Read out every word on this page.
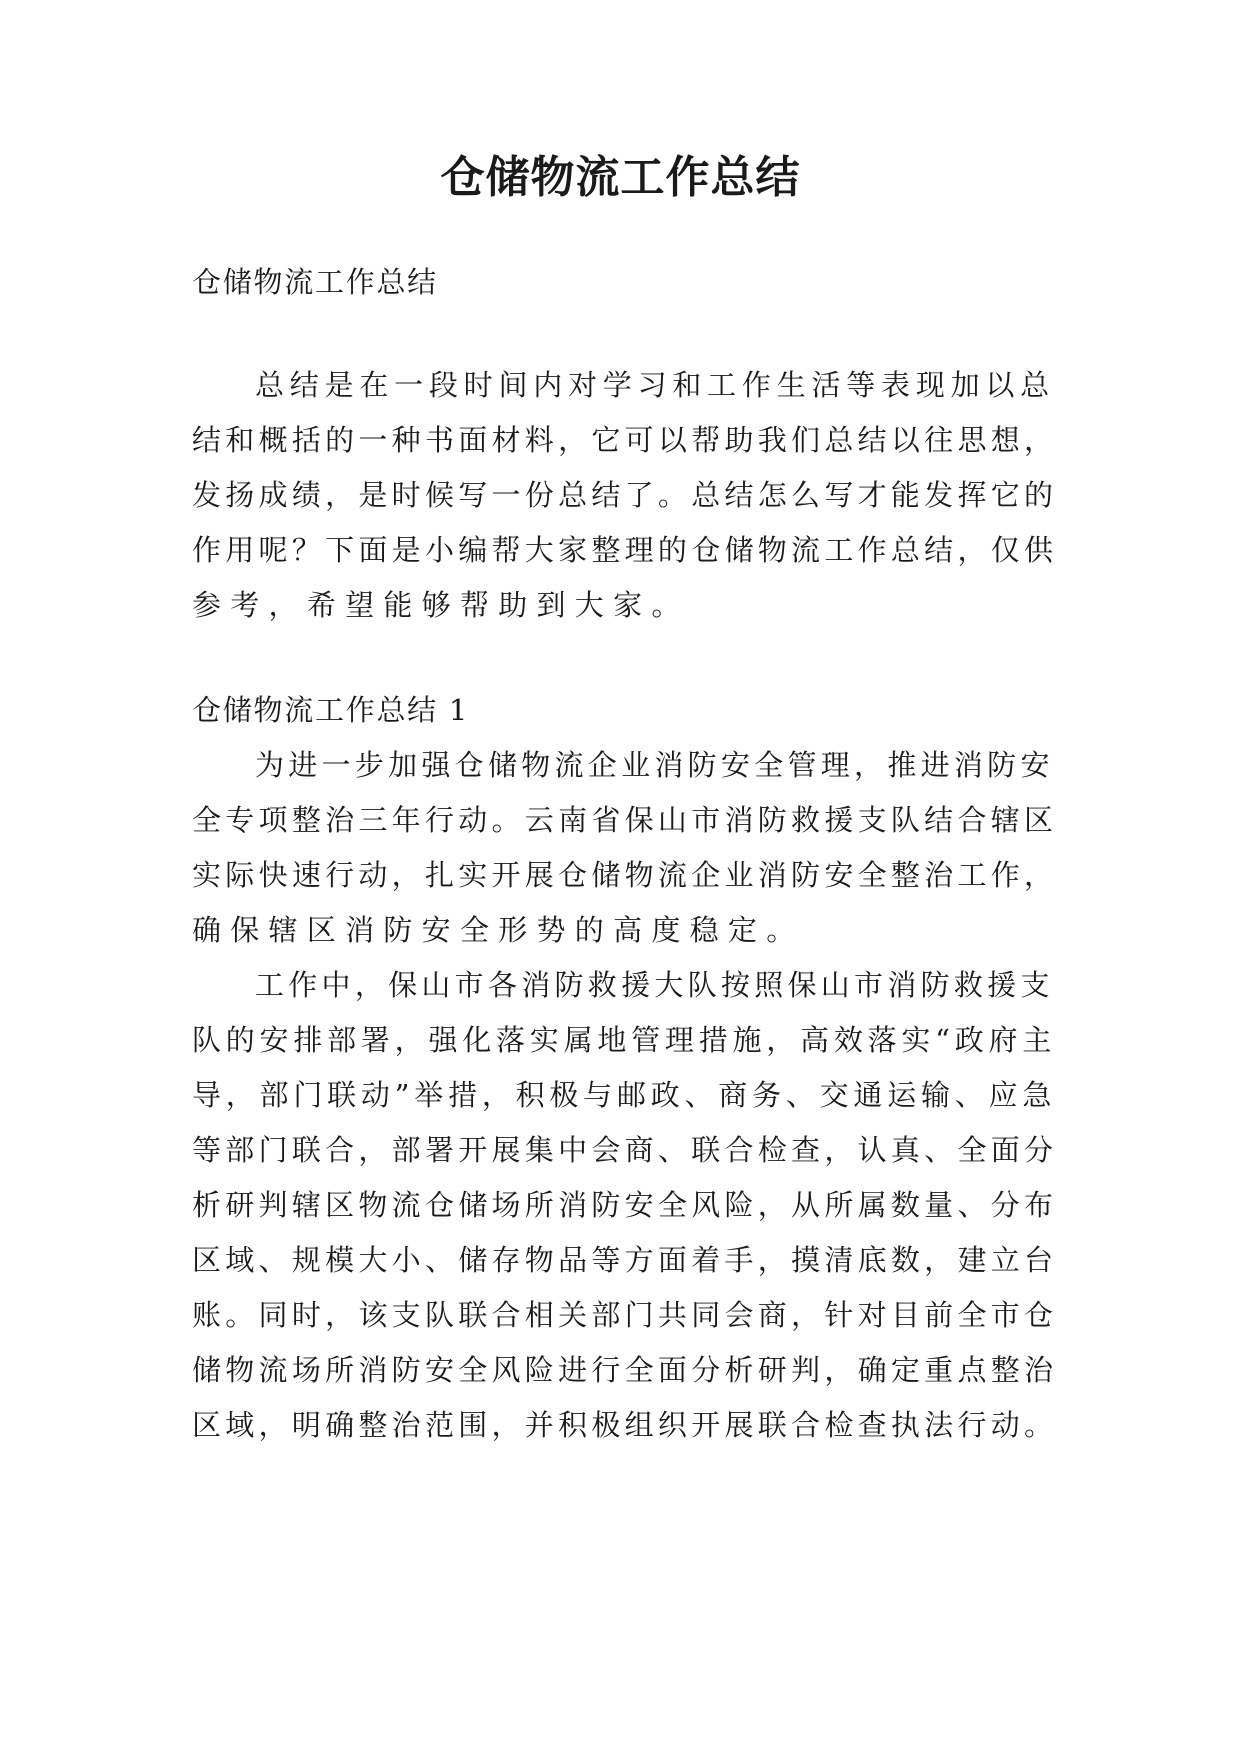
仓储物流工作总结

仓储物流工作总结

总结是在一段时间内对学习和工作生活等表现加以总

结和概括的一种书面材料，它可以帮助我们总结以往思想，

发扬成绩，是时候写一份总结了。总结怎么写才能发挥它的

作用呢？下面是小编帮大家整理的仓储物流工作总结，仅供

参考，希望能够帮助到大家。

仓储物流工作总结 1

为进一步加强仓储物流企业消防安全管理，推进消防安

全专项整治三年行动。云南省保山市消防救援支队结合辖区

实际快速行动，扎实开展仓储物流企业消防安全整治工作，

确保辖区消防安全形势的高度稳定。

工作中，保山市各消防救援大队按照保山市消防救援支

队的安排部署，强化落实属地管理措施，高效落实“政府主

导，部门联动”举措，积极与邮政、商务、交通运输、应急

等部门联合，部署开展集中会商、联合检查，认真、全面分

析研判辖区物流仓储场所消防安全风险，从所属数量、分布

区域、规模大小、储存物品等方面着手，摸清底数，建立台

账。同时，该支队联合相关部门共同会商，针对目前全市仓

储物流场所消防安全风险进行全面分析研判，确定重点整治

区域，明确整治范围，并积极组织开展联合检查执法行动。
